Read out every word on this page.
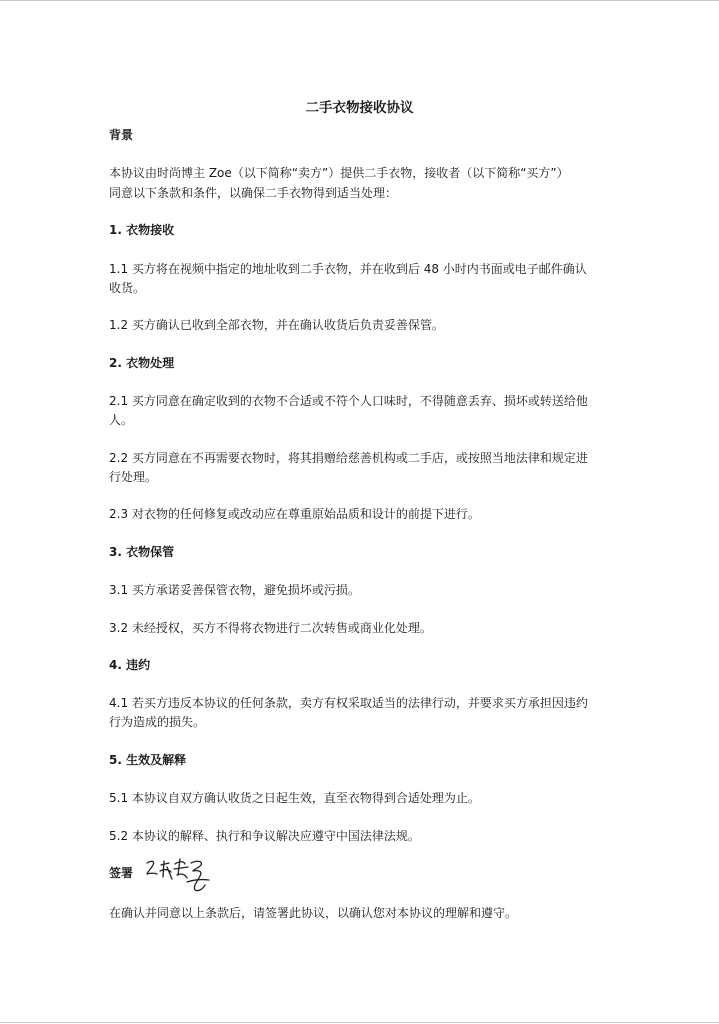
二手衣物接收协议
背景
本协议由时尚博主 Zoe（以下简称“卖方”）提供二手衣物，接收者（以下简称“买方”）
同意以下条款和条件，以确保二手衣物得到适当处理：
1. 衣物接收
1.1 买方将在视频中指定的地址收到二手衣物，并在收到后 48 小时内书面或电子邮件确认
收货。
1.2 买方确认已收到全部衣物，并在确认收货后负责妥善保管。
2. 衣物处理
2.1 买方同意在确定收到的衣物不合适或不符个人口味时，不得随意丢弃、损坏或转送给他
人。
2.2 买方同意在不再需要衣物时，将其捐赠给慈善机构或二手店，或按照当地法律和规定进
行处理。
2.3 对衣物的任何修复或改动应在尊重原始品质和设计的前提下进行。
3. 衣物保管
3.1 买方承诺妥善保管衣物，避免损坏或污损。
3.2 未经授权，买方不得将衣物进行二次转售或商业化处理。
4. 违约
4.1 若买方违反本协议的任何条款，卖方有权采取适当的法律行动，并要求买方承担因违约
行为造成的损失。
5. 生效及解释
5.1 本协议自双方确认收货之日起生效，直至衣物得到合适处理为止。
5.2 本协议的解释、执行和争议解决应遵守中国法律法规。
签署
在确认并同意以上条款后，请签署此协议，以确认您对本协议的理解和遵守。
